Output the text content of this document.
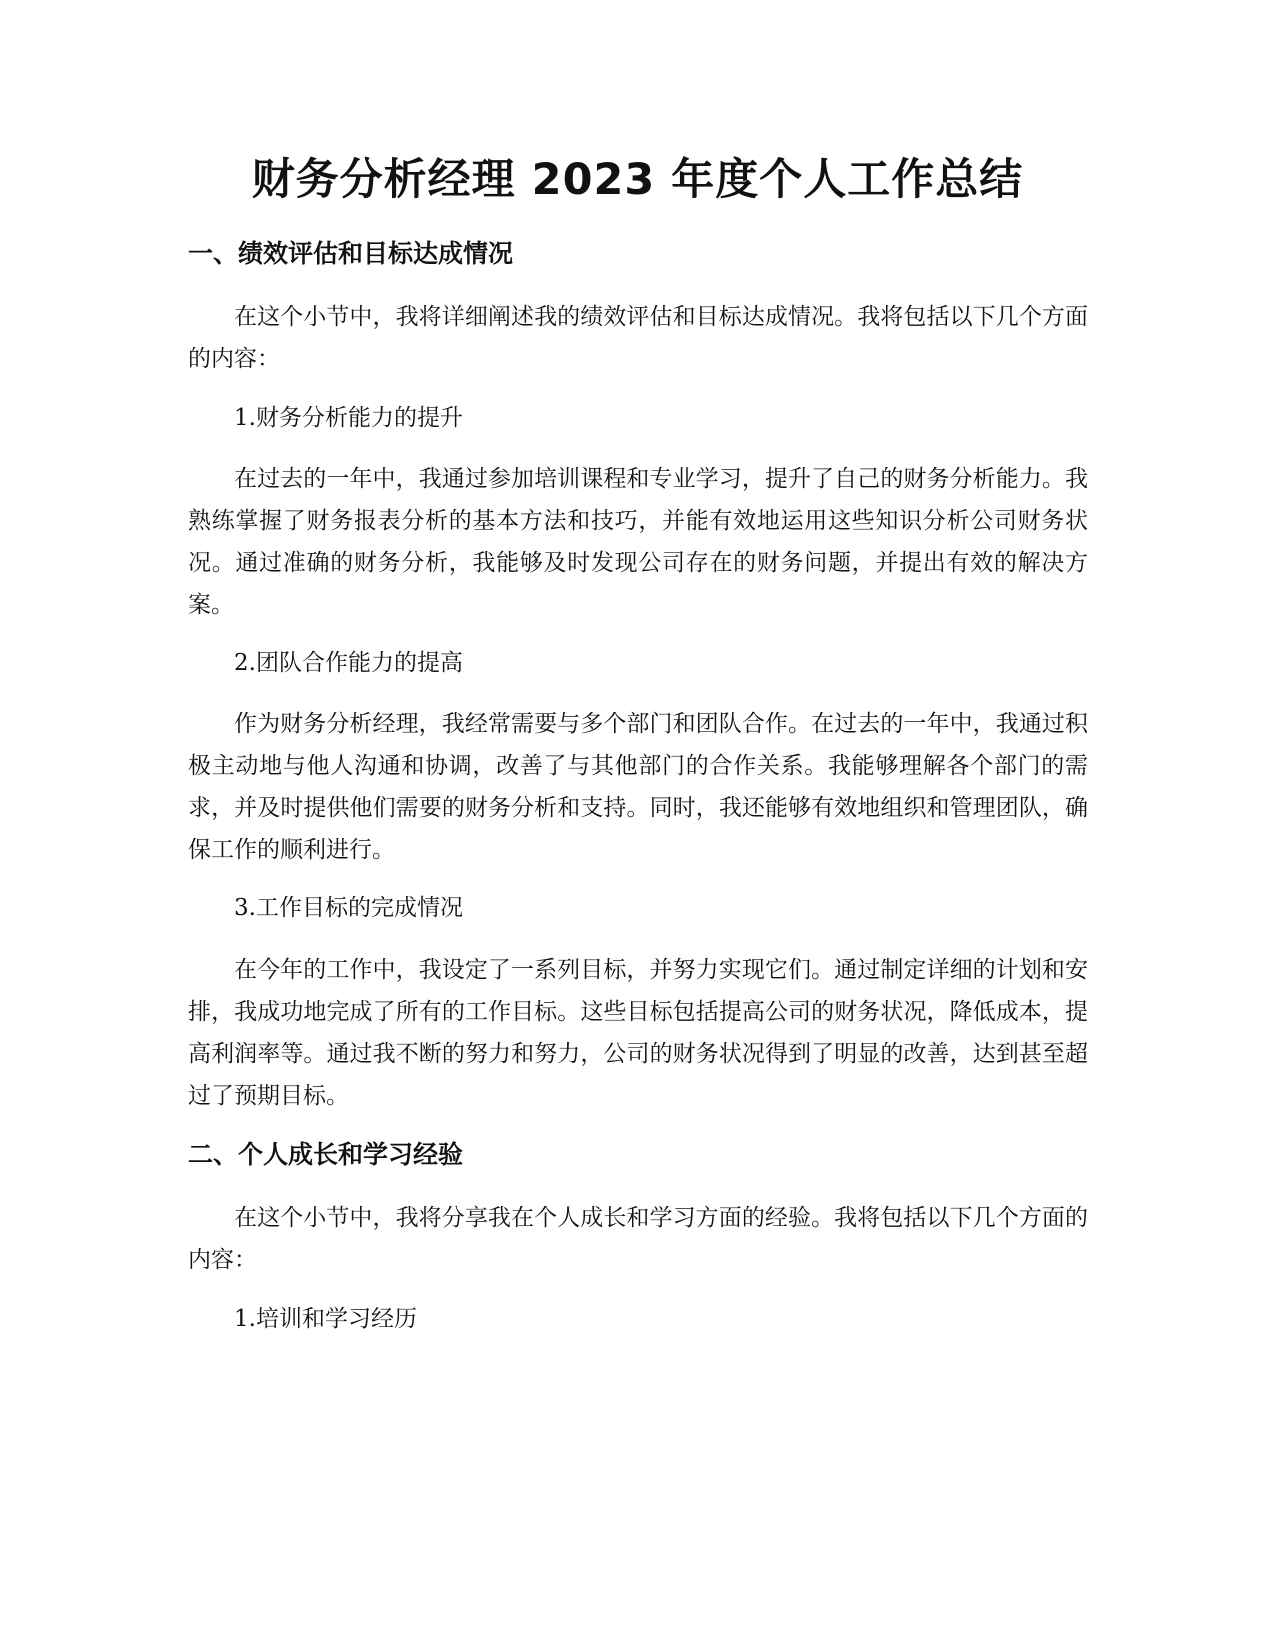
财务分析经理 2023 年度个人工作总结
一、绩效评估和目标达成情况

在这个小节中，我将详细阐述我的绩效评估和目标达成情况。我将包括以下几个方面的内容：

1.财务分析能力的提升

在过去的一年中，我通过参加培训课程和专业学习，提升了自己的财务分析能力。我熟练掌握了财务报表分析的基本方法和技巧，并能有效地运用这些知识分析公司财务状况。通过准确的财务分析，我能够及时发现公司存在的财务问题，并提出有效的解决方案。

2.团队合作能力的提高

作为财务分析经理，我经常需要与多个部门和团队合作。在过去的一年中，我通过积极主动地与他人沟通和协调，改善了与其他部门的合作关系。我能够理解各个部门的需求，并及时提供他们需要的财务分析和支持。同时，我还能够有效地组织和管理团队，确保工作的顺利进行。

3.工作目标的完成情况

在今年的工作中，我设定了一系列目标，并努力实现它们。通过制定详细的计划和安排，我成功地完成了所有的工作目标。这些目标包括提高公司的财务状况，降低成本，提高利润率等。通过我不断的努力和努力，公司的财务状况得到了明显的改善，达到甚至超过了预期目标。

二、个人成长和学习经验

在这个小节中，我将分享我在个人成长和学习方面的经验。我将包括以下几个方面的内容：

1.培训和学习经历
